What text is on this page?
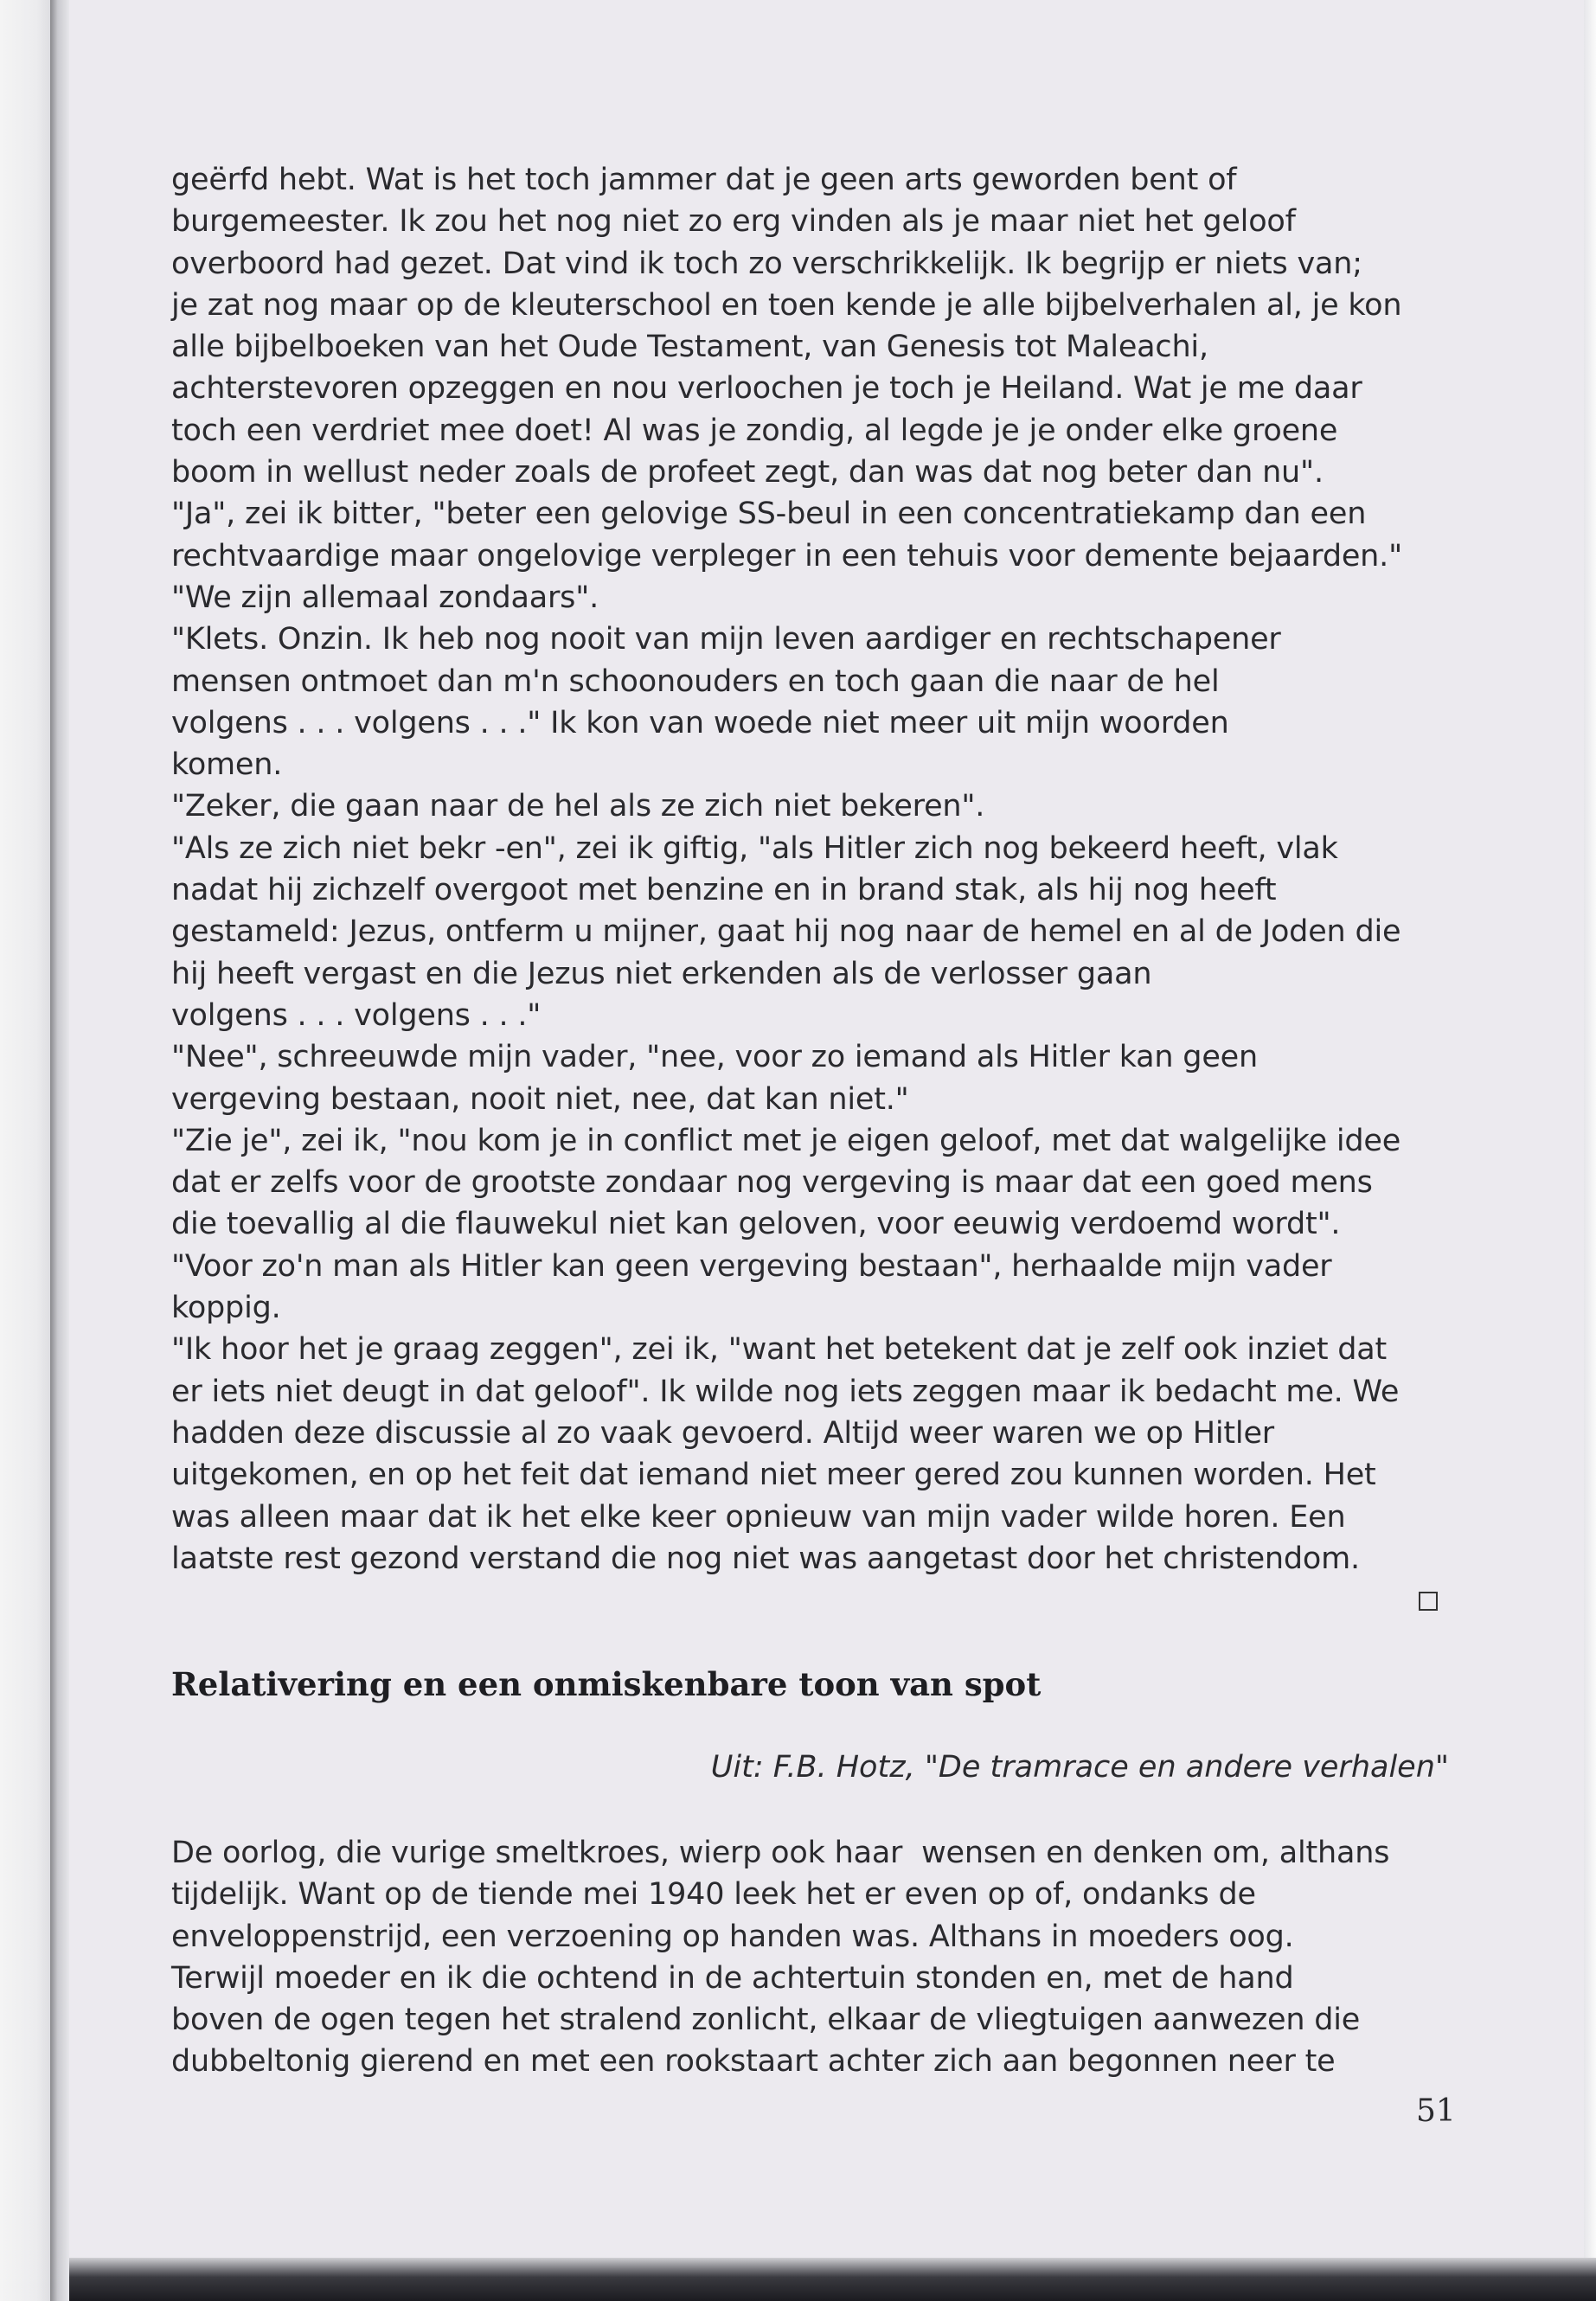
geërfd hebt. Wat is het toch jammer dat je geen arts geworden bent of
burgemeester. Ik zou het nog niet zo erg vinden als je maar niet het geloof
overboord had gezet. Dat vind ik toch zo verschrikkelijk. Ik begrijp er niets van;
je zat nog maar op de kleuterschool en toen kende je alle bijbelverhalen al, je kon
alle bijbelboeken van het Oude Testament, van Genesis tot Maleachi,
achterstevoren opzeggen en nou verloochen je toch je Heiland. Wat je me daar
toch een verdriet mee doet! Al was je zondig, al legde je je onder elke groene
boom in wellust neder zoals de profeet zegt, dan was dat nog beter dan nu".
"Ja", zei ik bitter, "beter een gelovige SS-beul in een concentratiekamp dan een
rechtvaardige maar ongelovige verpleger in een tehuis voor demente bejaarden."
"We zijn allemaal zondaars".
"Klets. Onzin. Ik heb nog nooit van mijn leven aardiger en rechtschapener
mensen ontmoet dan m'n schoonouders en toch gaan die naar de hel
volgens . . . volgens . . ." Ik kon van woede niet meer uit mijn woorden
komen.
"Zeker, die gaan naar de hel als ze zich niet bekeren".
"Als ze zich niet bekr -en", zei ik giftig, "als Hitler zich nog bekeerd heeft, vlak
nadat hij zichzelf overgoot met benzine en in brand stak, als hij nog heeft
gestameld: Jezus, ontferm u mijner, gaat hij nog naar de hemel en al de Joden die
hij heeft vergast en die Jezus niet erkenden als de verlosser gaan
volgens . . . volgens . . ."
"Nee", schreeuwde mijn vader, "nee, voor zo iemand als Hitler kan geen
vergeving bestaan, nooit niet, nee, dat kan niet."
"Zie je", zei ik, "nou kom je in conflict met je eigen geloof, met dat walgelijke idee
dat er zelfs voor de grootste zondaar nog vergeving is maar dat een goed mens
die toevallig al die flauwekul niet kan geloven, voor eeuwig verdoemd wordt".
"Voor zo'n man als Hitler kan geen vergeving bestaan", herhaalde mijn vader
koppig.
"Ik hoor het je graag zeggen", zei ik, "want het betekent dat je zelf ook inziet dat
er iets niet deugt in dat geloof". Ik wilde nog iets zeggen maar ik bedacht me. We
hadden deze discussie al zo vaak gevoerd. Altijd weer waren we op Hitler
uitgekomen, en op het feit dat iemand niet meer gered zou kunnen worden. Het
was alleen maar dat ik het elke keer opnieuw van mijn vader wilde horen. Een
laatste rest gezond verstand die nog niet was aangetast door het christendom.
Relativering en een onmiskenbare toon van spot
Uit: F.B. Hotz, "De tramrace en andere verhalen"
De oorlog, die vurige smeltkroes, wierp ook haar  wensen en denken om, althans
tijdelijk. Want op de tiende mei 1940 leek het er even op of, ondanks de
enveloppenstrijd, een verzoening op handen was. Althans in moeders oog.
Terwijl moeder en ik die ochtend in de achtertuin stonden en, met de hand
boven de ogen tegen het stralend zonlicht, elkaar de vliegtuigen aanwezen die
dubbeltonig gierend en met een rookstaart achter zich aan begonnen neer te
51
